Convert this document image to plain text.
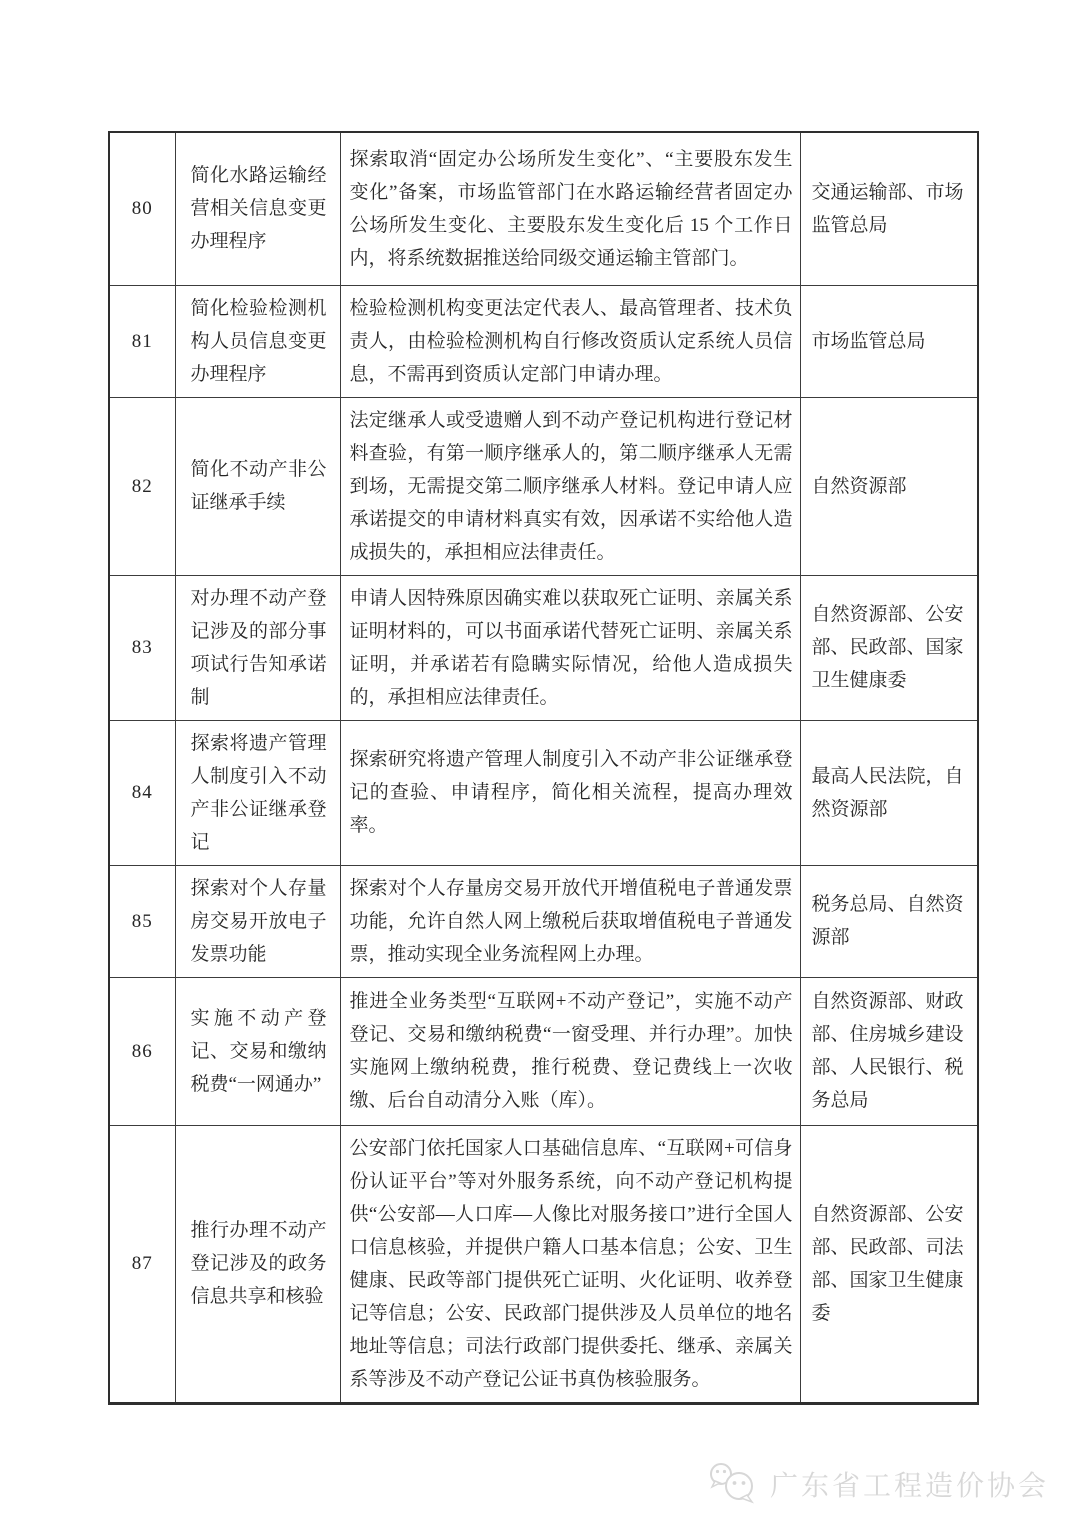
80	简化水路运输经营相关信息变更办理程序	探索取消“固定办公场所发生变化”、“主要股东发生变化”备案，市场监管部门在水路运输经营者固定办公场所发生变化、主要股东发生变化后 15 个工作日内，将系统数据推送给同级交通运输主管部门。	交通运输部、市场监管总局
81	简化检验检测机构人员信息变更办理程序	检验检测机构变更法定代表人、最高管理者、技术负责人，由检验检测机构自行修改资质认定系统人员信息，不需再到资质认定部门申请办理。	市场监管总局
82	简化不动产非公证继承手续	法定继承人或受遗赠人到不动产登记机构进行登记材料查验，有第一顺序继承人的，第二顺序继承人无需到场，无需提交第二顺序继承人材料。登记申请人应承诺提交的申请材料真实有效，因承诺不实给他人造成损失的，承担相应法律责任。	自然资源部
83	对办理不动产登记涉及的部分事项试行告知承诺制	申请人因特殊原因确实难以获取死亡证明、亲属关系证明材料的，可以书面承诺代替死亡证明、亲属关系证明，并承诺若有隐瞒实际情况，给他人造成损失的，承担相应法律责任。	自然资源部、公安部、民政部、国家卫生健康委
84	探索将遗产管理人制度引入不动产非公证继承登记	探索研究将遗产管理人制度引入不动产非公证继承登记的查验、申请程序，简化相关流程，提高办理效率。	最高人民法院，自然资源部
85	探索对个人存量房交易开放电子发票功能	探索对个人存量房交易开放代开增值税电子普通发票功能，允许自然人网上缴税后获取增值税电子普通发票，推动实现全业务流程网上办理。	税务总局、自然资源部
86	实施不动产登记、交易和缴纳税费“一网通办”	推进全业务类型“互联网+不动产登记”，实施不动产登记、交易和缴纳税费“一窗受理、并行办理”。加快实施网上缴纳税费，推行税费、登记费线上一次收缴、后台自动清分入账（库）。	自然资源部、财政部、住房城乡建设部、人民银行、税务总局
87	推行办理不动产登记涉及的政务信息共享和核验	公安部门依托国家人口基础信息库、“互联网+可信身份认证平台”等对外服务系统，向不动产登记机构提供“公安部—人口库—人像比对服务接口”进行全国人口信息核验，并提供户籍人口基本信息；公安、卫生健康、民政等部门提供死亡证明、火化证明、收养登记等信息；公安、民政部门提供涉及人员单位的地名地址等信息；司法行政部门提供委托、继承、亲属关系等涉及不动产登记公证书真伪核验服务。	自然资源部、公安部、民政部、司法部、国家卫生健康委
广东省工程造价协会
